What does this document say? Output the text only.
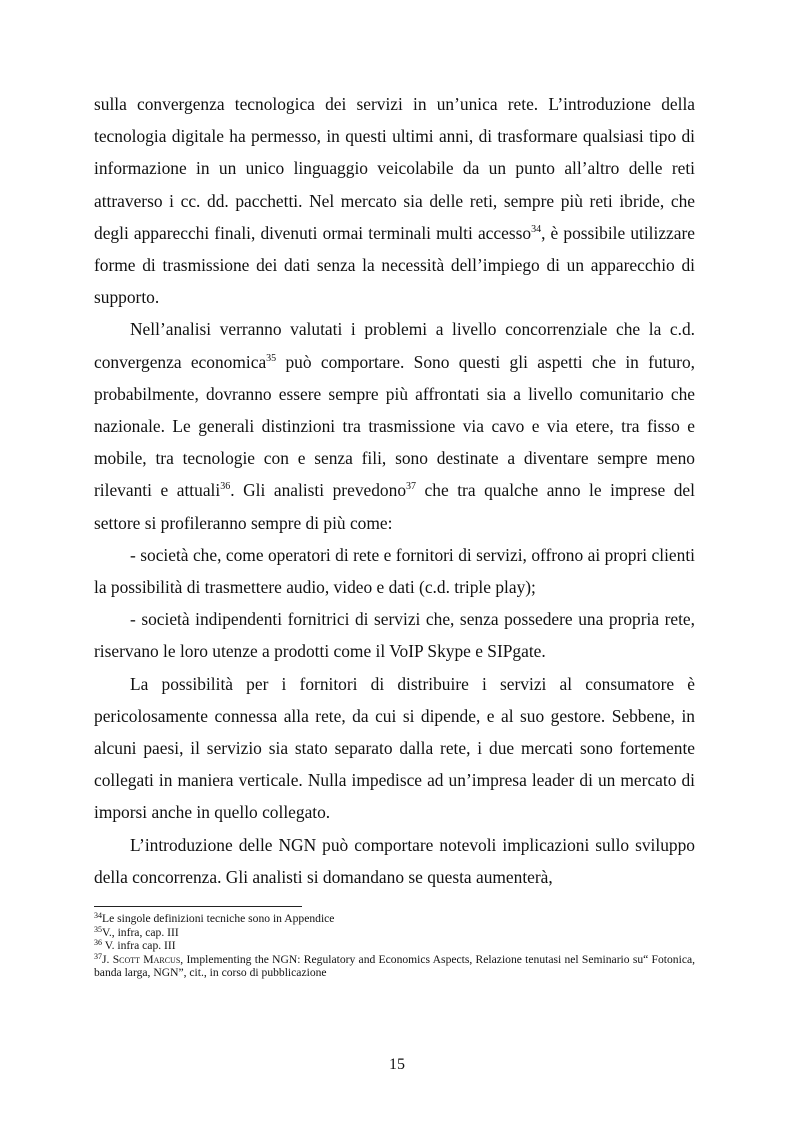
sulla convergenza tecnologica dei servizi in un’unica rete. L’introduzione della tecnologia digitale ha permesso, in questi ultimi anni, di trasformare qualsiasi tipo di informazione in un unico linguaggio veicolabile da un punto all’altro delle reti attraverso i cc. dd. pacchetti. Nel mercato sia delle reti, sempre più reti ibride, che degli apparecchi finali, divenuti ormai terminali multi accesso$^{34}$, è possibile utilizzare forme di trasmissione dei dati senza la necessità dell’impiego di un apparecchio di supporto.

Nell’analisi verranno valutati i problemi a livello concorrenziale che la c.d. convergenza economica$^{35}$ può comportare. Sono questi gli aspetti che in futuro, probabilmente, dovranno essere sempre più affrontati sia a livello comunitario che nazionale. Le generali distinzioni tra trasmissione via cavo e via etere, tra fisso e mobile, tra tecnologie con e senza fili, sono destinate a diventare sempre meno rilevanti e attuali$^{36}$. Gli analisti prevedono$^{37}$ che tra qualche anno le imprese del settore si profileranno sempre di più come:

- società che, come operatori di rete e fornitori di servizi, offrono ai propri clienti la possibilità di trasmettere audio, video e dati (c.d. triple play);

- società indipendenti fornitrici di servizi che, senza possedere una propria rete, riservano le loro utenze a prodotti come il VoIP Skype e SIPgate.

La possibilità per i fornitori di distribuire i servizi al consumatore è pericolosamente connessa alla rete, da cui si dipende, e al suo gestore. Sebbene, in alcuni paesi, il servizio sia stato separato dalla rete, i due mercati sono fortemente collegati in maniera verticale. Nulla impedisce ad un’impresa leader di un mercato di imporsi anche in quello collegato.

L’introduzione delle NGN può comportare notevoli implicazioni sullo sviluppo della concorrenza. Gli analisti si domandano se questa aumenterà,

$^{34}$Le singole definizioni tecniche sono in Appendice
$^{35}$V., infra, cap. III
$^{36}$ V. infra cap. III
$^{37}$J. Scott Marcus, Implementing the NGN: Regulatory and Economics Aspects, Relazione tenutasi nel Seminario su“ Fotonica, banda larga, NGN”, cit., in corso di pubblicazione
15
